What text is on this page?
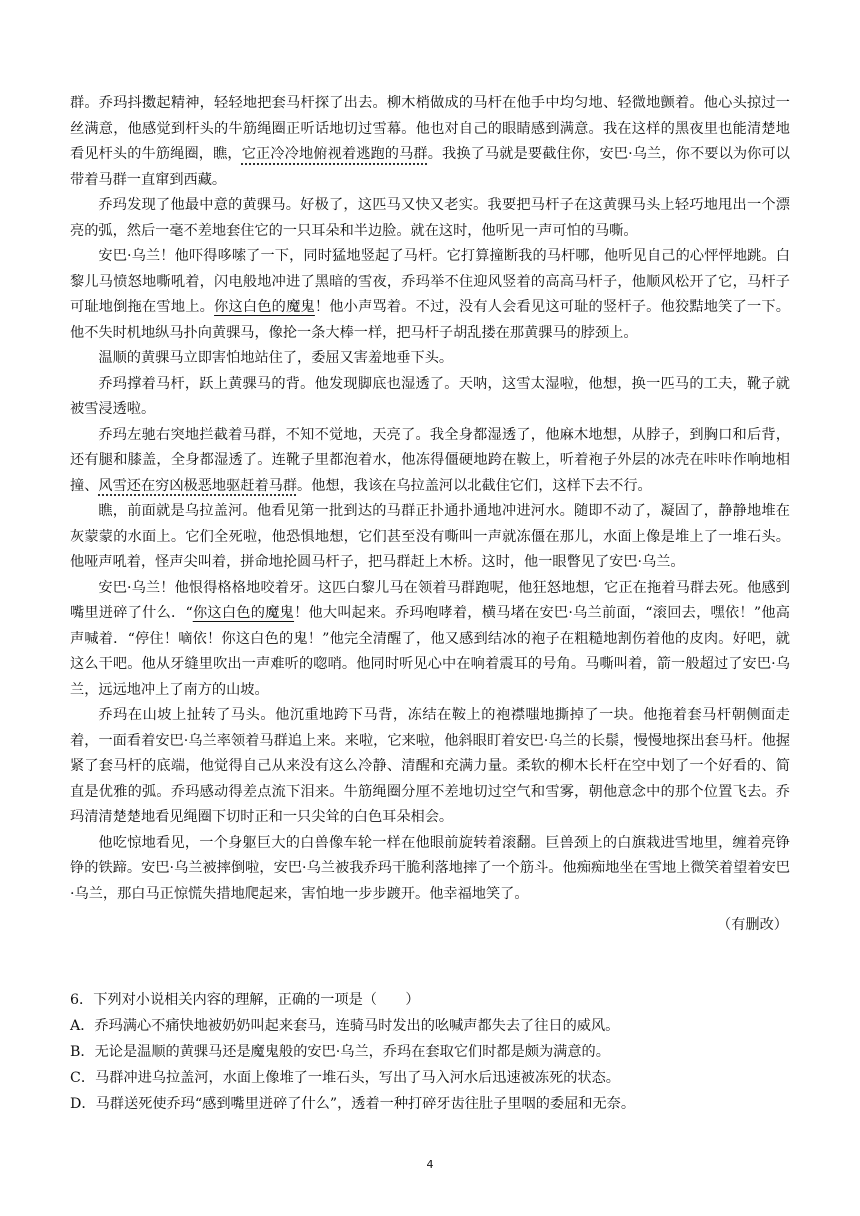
群。乔玛抖擞起精神，轻轻地把套马杆探了出去。柳木梢做成的马杆在他手中均匀地、轻微地颤着。他心头掠过一丝满意，他感觉到杆头的牛筋绳圈正听话地切过雪幕。他也对自己的眼睛感到满意。我在这样的黑夜里也能清楚地看见杆头的牛筋绳圈，瞧，它正冷冷地俯视着逃跑的马群。我换了马就是要截住你，安巴·乌兰，你不要以为你可以带着马群一直窜到西藏。

乔玛发现了他最中意的黄骒马。好极了，这匹马又快又老实。我要把马杆子在这黄骒马头上轻巧地甩出一个漂亮的弧，然后一毫不差地套住它的一只耳朵和半边脸。就在这时，他听见一声可怕的马嘶。

安巴·乌兰！他吓得哆嗦了一下，同时猛地竖起了马杆。它打算撞断我的马杆哪，他听见自己的心怦怦地跳。白黎儿马愤怒地嘶吼着，闪电般地冲进了黑暗的雪夜，乔玛举不住迎风竖着的高高马杆子，他顺风松开了它，马杆子可耻地倒拖在雪地上。你这白色的魔鬼！他小声骂着。不过，没有人会看见这可耻的竖杆子。他狡黠地笑了一下。他不失时机地纵马扑向黄骒马，像抡一条大棒一样，把马杆子胡乱搂在那黄骒马的脖颈上。

温顺的黄骒马立即害怕地站住了，委屈又害羞地垂下头。

乔玛撑着马杆，跃上黄骒马的背。他发现脚底也湿透了。天呐，这雪太湿啦，他想，换一匹马的工夫，靴子就被雪浸透啦。

乔玛左驰右突地拦截着马群，不知不觉地，天亮了。我全身都湿透了，他麻木地想，从脖子，到胸口和后背，还有腿和膝盖，全身都湿透了。连靴子里都泡着水，他冻得僵硬地跨在鞍上，听着袍子外层的冰壳在咔咔作响地相撞、风雪还在穷凶极恶地驱赶着马群。他想，我该在乌拉盖河以北截住它们，这样下去不行。

瞧，前面就是乌拉盖河。他看见第一批到达的马群正扑通扑通地冲进河水。随即不动了，凝固了，静静地堆在灰蒙蒙的水面上。它们全死啦，他恐惧地想，它们甚至没有嘶叫一声就冻僵在那儿，水面上像是堆上了一堆石头。他哑声吼着，怪声尖叫着，拼命地抡圆马杆子，把马群赶上木桥。这时，他一眼瞥见了安巴·乌兰。

安巴·乌兰！他恨得格格地咬着牙。这匹白黎儿马在领着马群跑呢，他狂怒地想，它正在拖着马群去死。他感到嘴里迸碎了什么．“你这白色的魔鬼！他大叫起来。乔玛咆哮着，横马堵在安巴·乌兰前面，“滚回去，嘿依！”他高声喊着．“停住！嘀依！你这白色的鬼！”他完全清醒了，他又感到结冰的袍子在粗糙地割伤着他的皮肉。好吧，就这么干吧。他从牙缝里吹出一声难听的唿哨。他同时听见心中在响着震耳的号角。马嘶叫着，箭一般超过了安巴·乌兰，远远地冲上了南方的山坡。

乔玛在山坡上扯转了马头。他沉重地跨下马背，冻结在鞍上的袍襟嗤地撕掉了一块。他拖着套马杆朝侧面走着，一面看着安巴·乌兰率领着马群追上来。来啦，它来啦，他斜眼盯着安巴·乌兰的长鬃，慢慢地探出套马杆。他握紧了套马杆的底端，他觉得自己从来没有这么冷静、清醒和充满力量。柔软的柳木长杆在空中划了一个好看的、简直是优雅的弧。乔玛感动得差点流下泪来。牛筋绳圈分厘不差地切过空气和雪雾，朝他意念中的那个位置飞去。乔玛清清楚楚地看见绳圈下切时正和一只尖耸的白色耳朵相会。

他吃惊地看见，一个身躯巨大的白兽像车轮一样在他眼前旋转着滚翻。巨兽颈上的白旗栽进雪地里，缠着亮铮铮的铁蹄。安巴·乌兰被摔倒啦，安巴·乌兰被我乔玛干脆利落地摔了一个筋斗。他痴痴地坐在雪地上微笑着望着安巴·乌兰，那白马正惊慌失措地爬起来，害怕地一步步踱开。他幸福地笑了。

（有删改）
6．下列对小说相关内容的理解，正确的一项是（　　）
A．乔玛满心不痛快地被奶奶叫起来套马，连骑马时发出的吆喊声都失去了往日的威风。
B．无论是温顺的黄骒马还是魔鬼般的安巴·乌兰，乔玛在套取它们时都是颇为满意的。
C．马群冲进乌拉盖河，水面上像堆了一堆石头，写出了马入河水后迅速被冻死的状态。
D．马群送死使乔玛“感到嘴里迸碎了什么”，透着一种打碎牙齿往肚子里咽的委屈和无奈。
4
